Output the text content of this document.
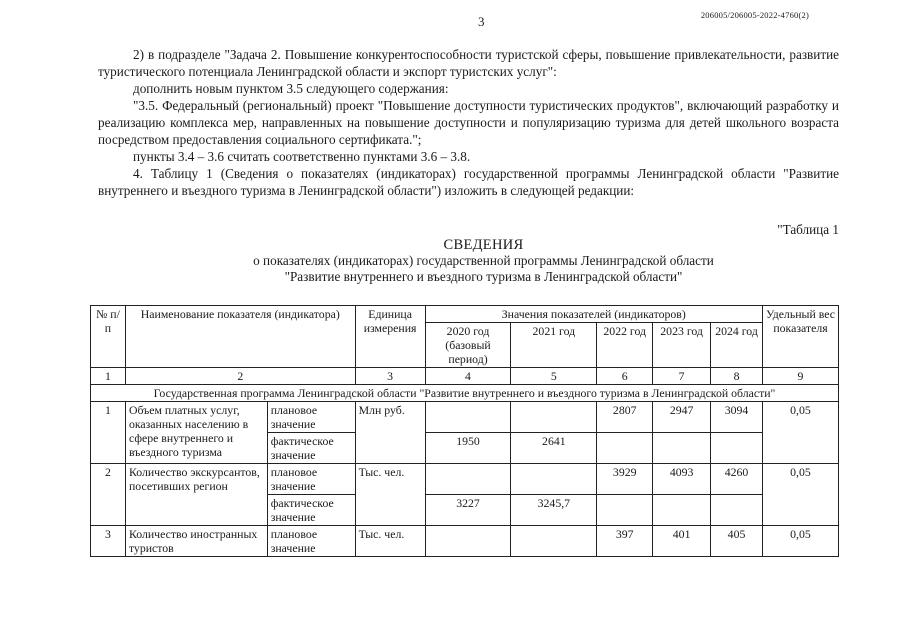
3	206005/206005-2022-4760(2)

2) в подразделе "Задача 2. Повышение конкурентоспособности туристской сферы, повышение привлекательности, развитие туристического потенциала Ленинградской области и экспорт туристских услуг":

дополнить новым пунктом 3.5 следующего содержания:

"3.5. Федеральный (региональный) проект "Повышение доступности туристических продуктов", включающий разработку и реализацию комплекса мер, направленных на повышение доступности и популяризацию туризма для детей школьного возраста посредством предоставления социального сертификата.";

пункты 3.4 – 3.6 считать соответственно пунктами 3.6 – 3.8.

4. Таблицу 1 (Сведения о показателях (индикаторах) государственной программы Ленинградской области "Развитие внутреннего и въездного туризма в Ленинградской области") изложить в следующей редакции:

"Таблица 1
СВЕДЕНИЯ
о показателях (индикаторах) государственной программы Ленинградской области
"Развитие внутреннего и въездного туризма в Ленинградской области"
№ п/п	Наименование показателя (индикатора)		Единица измерения	Значения показателей (индикаторов)					Удельный вес показателя
				2020 год (базовый период)	2021 год	2022 год	2023 год	2024 год	
1	2		3	4	5	6	7	8	9
Государственная программа Ленинградской области "Развитие внутреннего и въездного туризма в Ленинградской области"									
1	Объем платных услуг, оказанных населению в сфере внутреннего и въездного туризма	плановое значение	Млн руб.			2807	2947	3094	0,05
		фактическое значение		1950	2641				
2	Количество экскурсантов, посетивших регион	плановое значение	Тыс. чел.			3929	4093	4260	0,05
		фактическое значение		3227	3245,7				
3	Количество иностранных туристов	плановое значение	Тыс. чел.			397	401	405	0,05
